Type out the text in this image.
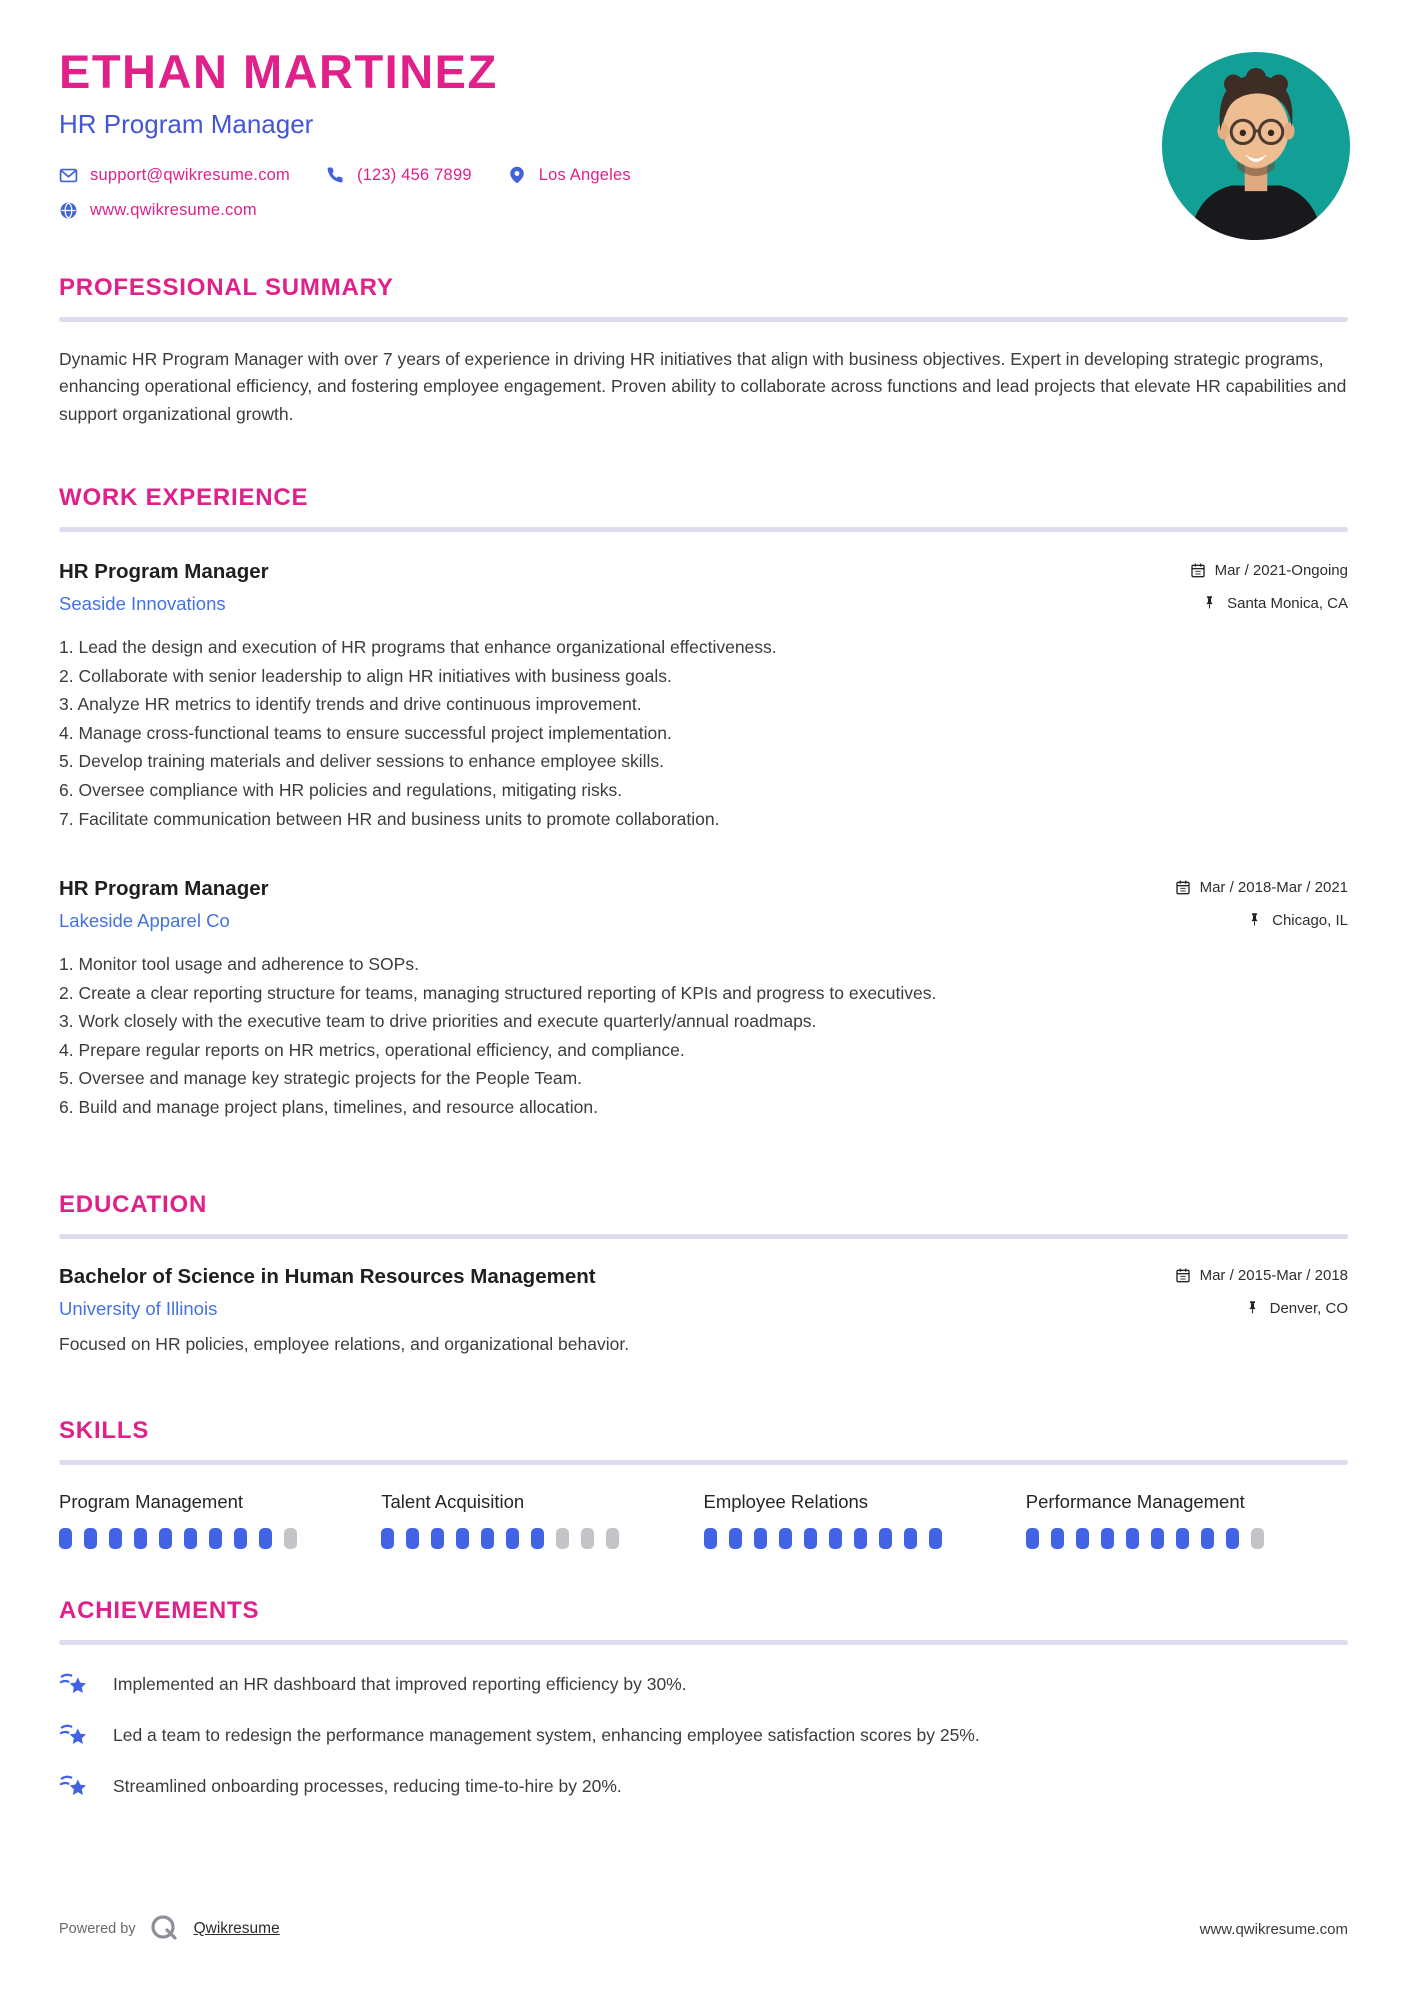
ETHAN MARTINEZ
HR Program Manager
support@qwikresume.com	(123) 456 7899	Los Angeles
www.qwikresume.com
PROFESSIONAL SUMMARY
Dynamic HR Program Manager with over 7 years of experience in driving HR initiatives that align with business objectives. Expert in developing strategic programs, enhancing operational efficiency, and fostering employee engagement. Proven ability to collaborate across functions and lead projects that elevate HR capabilities and support organizational growth.
WORK EXPERIENCE
HR Program Manager	Mar / 2021-Ongoing
Seaside Innovations	Santa Monica, CA
1. Lead the design and execution of HR programs that enhance organizational effectiveness.
2. Collaborate with senior leadership to align HR initiatives with business goals.
3. Analyze HR metrics to identify trends and drive continuous improvement.
4. Manage cross-functional teams to ensure successful project implementation.
5. Develop training materials and deliver sessions to enhance employee skills.
6. Oversee compliance with HR policies and regulations, mitigating risks.
7. Facilitate communication between HR and business units to promote collaboration.
HR Program Manager	Mar / 2018-Mar / 2021
Lakeside Apparel Co	Chicago, IL
1. Monitor tool usage and adherence to SOPs.
2. Create a clear reporting structure for teams, managing structured reporting of KPIs and progress to executives.
3. Work closely with the executive team to drive priorities and execute quarterly/annual roadmaps.
4. Prepare regular reports on HR metrics, operational efficiency, and compliance.
5. Oversee and manage key strategic projects for the People Team.
6. Build and manage project plans, timelines, and resource allocation.
EDUCATION
Bachelor of Science in Human Resources Management	Mar / 2015-Mar / 2018
University of Illinois	Denver, CO
Focused on HR policies, employee relations, and organizational behavior.
SKILLS
Program Management	Talent Acquisition	Employee Relations	Performance Management
ACHIEVEMENTS
Implemented an HR dashboard that improved reporting efficiency by 30%.
Led a team to redesign the performance management system, enhancing employee satisfaction scores by 25%.
Streamlined onboarding processes, reducing time-to-hire by 20%.
Powered by	Qwikresume	www.qwikresume.com
